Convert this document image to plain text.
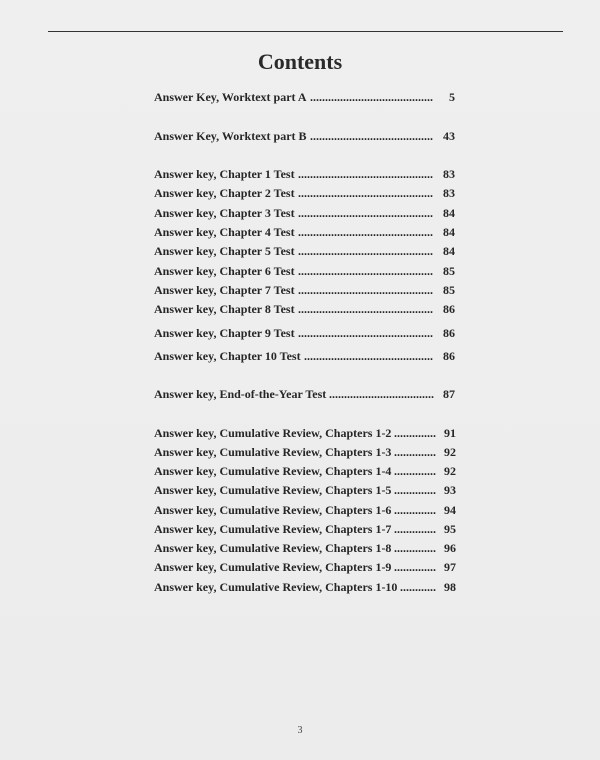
Contents
Answer Key, Worktext part A ......................................... 5
Answer Key, Worktext part B ......................................... 43
Answer key, Chapter 1 Test ............................................. 83
Answer key, Chapter 2 Test ............................................. 83
Answer key, Chapter 3 Test ............................................. 84
Answer key, Chapter 4 Test ............................................. 84
Answer key, Chapter 5 Test ............................................. 84
Answer key, Chapter 6 Test ............................................. 85
Answer key, Chapter 7 Test ............................................. 85
Answer key, Chapter 8 Test ............................................. 86
Answer key, Chapter 9 Test ............................................. 86
Answer key, Chapter 10 Test ........................................... 86
Answer key, End-of-the-Year Test ................................... 87
Answer key, Cumulative Review, Chapters 1-2 .............. 91
Answer key, Cumulative Review, Chapters 1-3 .............. 92
Answer key, Cumulative Review, Chapters 1-4 .............. 92
Answer key, Cumulative Review, Chapters 1-5 .............. 93
Answer key, Cumulative Review, Chapters 1-6 .............. 94
Answer key, Cumulative Review, Chapters 1-7 .............. 95
Answer key, Cumulative Review, Chapters 1-8 .............. 96
Answer key, Cumulative Review, Chapters 1-9 .............. 97
Answer key, Cumulative Review, Chapters 1-10 ............ 98
3
